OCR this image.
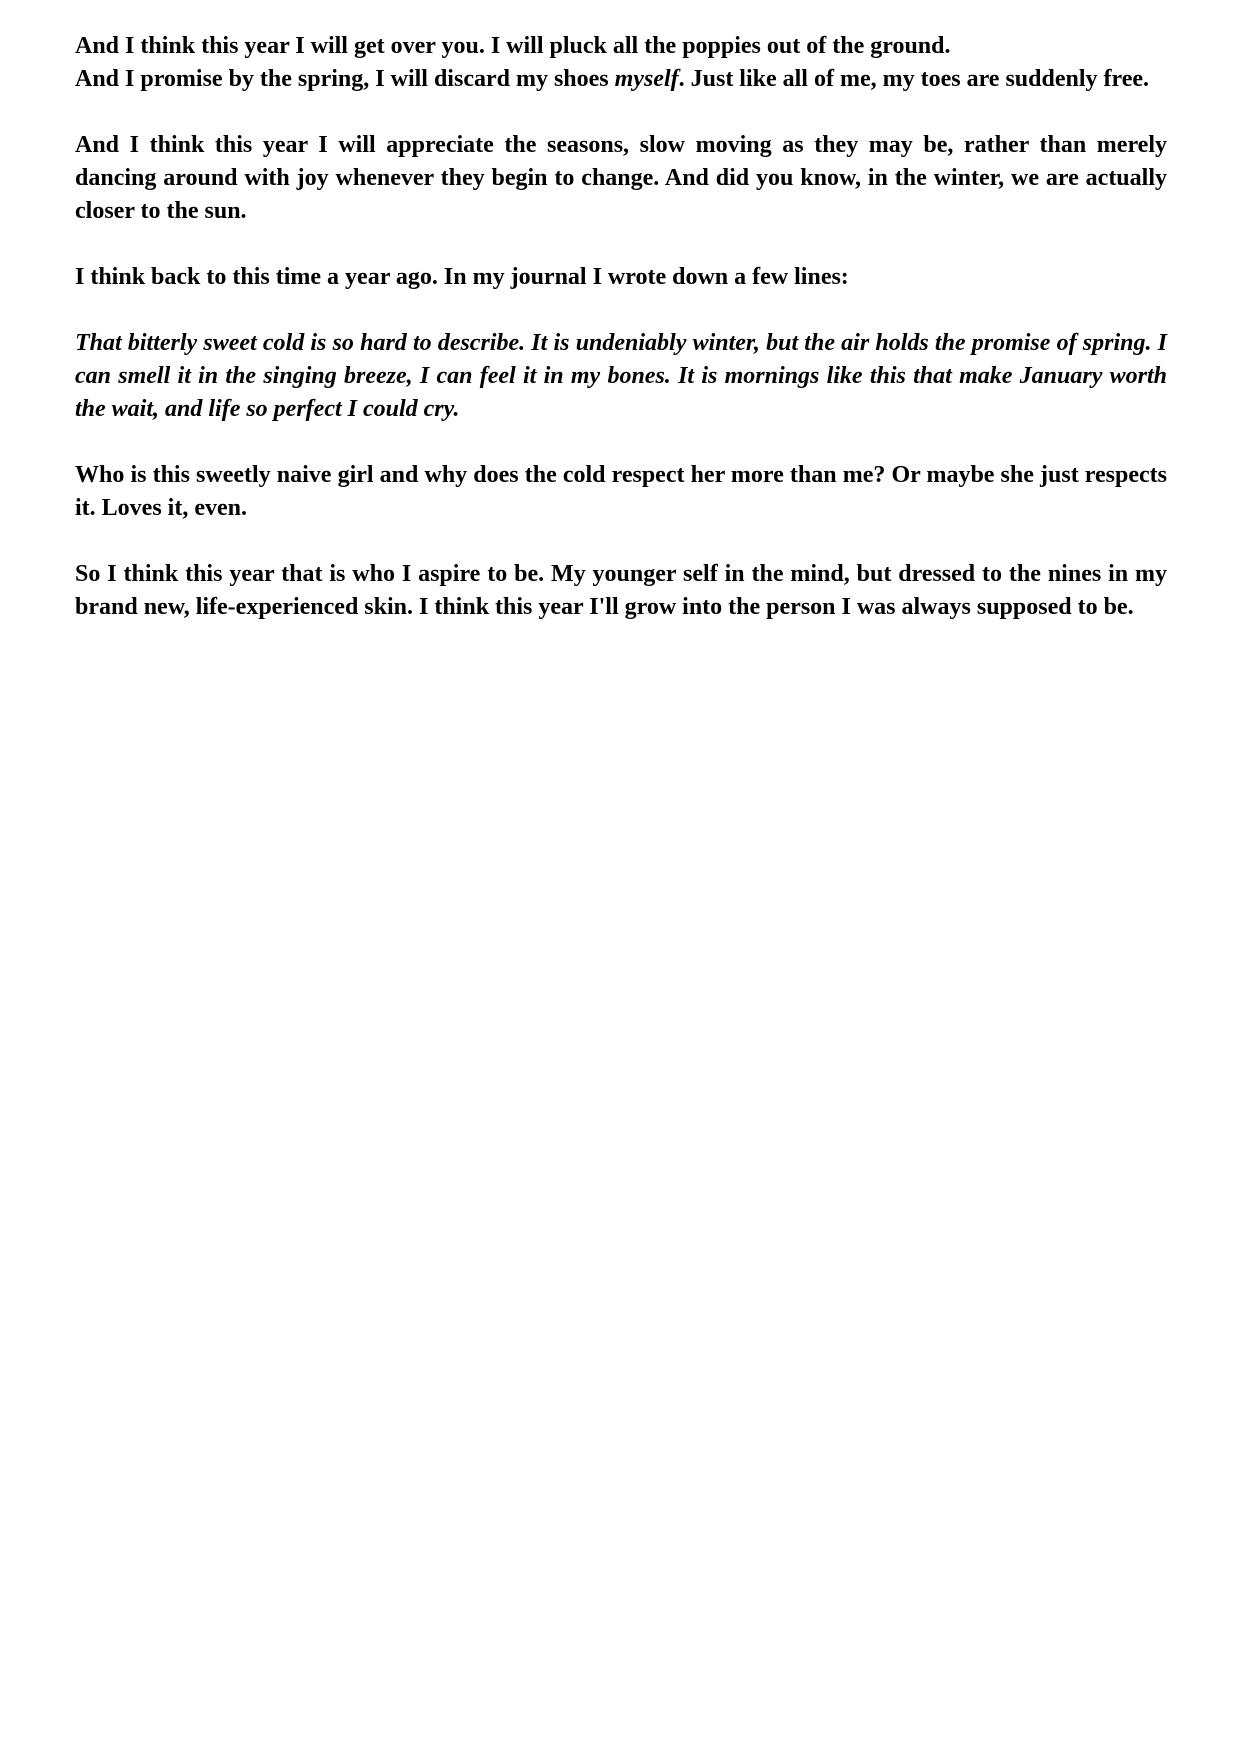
And I think this year I will get over you. I will pluck all the poppies out of the ground.

And I promise by the spring, I will discard my shoes myself. Just like all of me, my toes are suddenly free.

And I think this year I will appreciate the seasons, slow moving as they may be, rather than merely dancing around with joy whenever they begin to change. And did you know, in the winter, we are actually closer to the sun.

I think back to this time a year ago. In my journal I wrote down a few lines:

That bitterly sweet cold is so hard to describe. It is undeniably winter, but the air holds the promise of spring. I can smell it in the singing breeze, I can feel it in my bones. It is mornings like this that make January worth the wait, and life so perfect I could cry.

Who is this sweetly naive girl and why does the cold respect her more than me? Or maybe she just respects it. Loves it, even.

So I think this year that is who I aspire to be. My younger self in the mind, but dressed to the nines in my brand new, life-experienced skin. I think this year I'll grow into the person I was always supposed to be.
